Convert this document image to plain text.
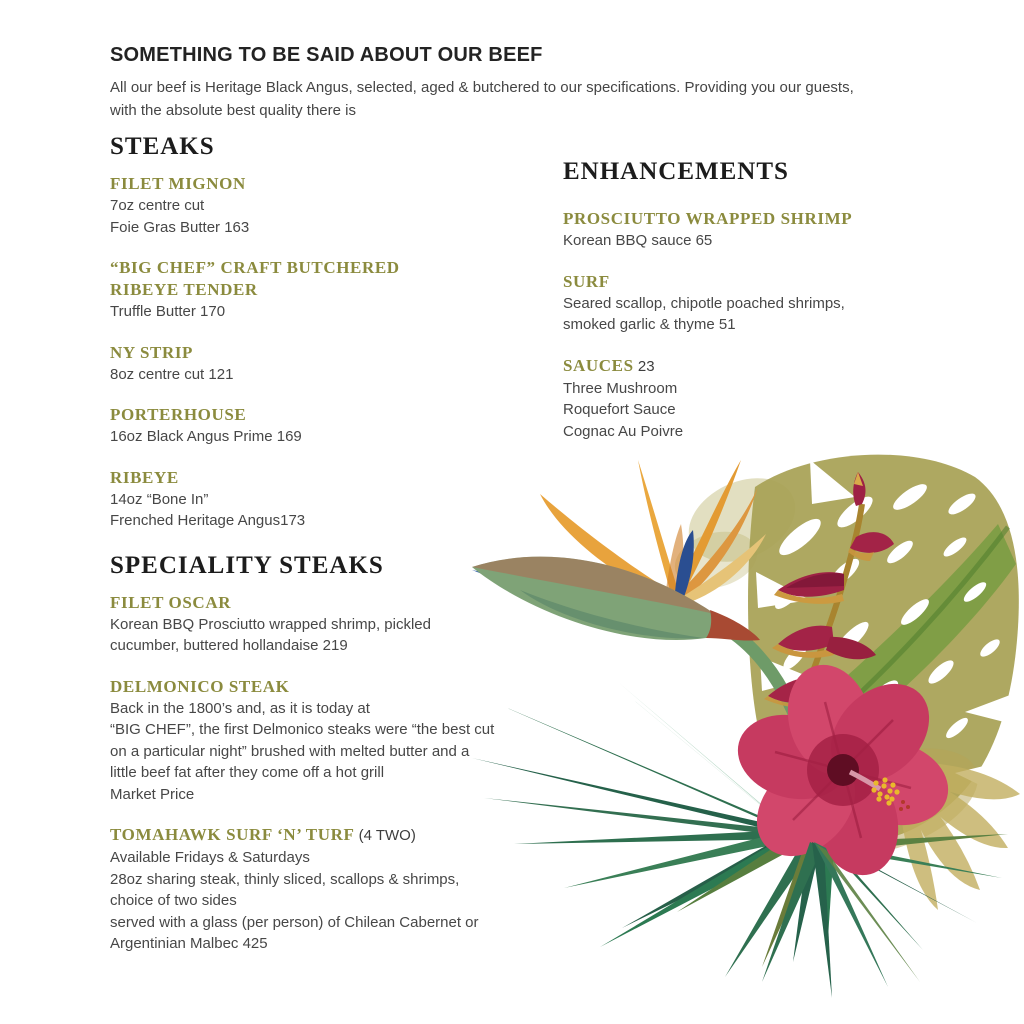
SOMETHING TO BE SAID ABOUT OUR BEEF

All our beef is Heritage Black Angus, selected, aged & butchered to our specifications. Providing you our guests,

with the absolute best quality there is

STEAKS
FILET MIGNON
7oz centre cut
Foie Gras Butter 163
“BIG CHEF” CRAFT BUTCHERED RIBEYE TENDER
Truffle Butter 170
NY STRIP
8oz centre cut 121
PORTERHOUSE
16oz Black Angus Prime 169
RIBEYE
14oz “Bone In”
Frenched Heritage Angus173
SPECIALITY STEAKS
FILET OSCAR
Korean BBQ Prosciutto wrapped shrimp, pickled
cucumber, buttered hollandaise 219
DELMONICO STEAK
Back in the 1800’s and, as it is today at
“BIG CHEF”, the first Delmonico steaks were “the best cut
on a particular night” brushed with melted butter and a
little beef fat after they come off a hot grill
Market Price
TOMAHAWK SURF ‘N’ TURF (4 TWO)
Available Fridays & Saturdays
28oz sharing steak, thinly sliced, scallops & shrimps,
choice of two sides
served with a glass (per person) of Chilean Cabernet or
Argentinian Malbec 425
ENHANCEMENTS
PROSCIUTTO WRAPPED SHRIMP
Korean BBQ sauce 65
SURF
Seared scallop, chipotle poached shrimps,
smoked garlic & thyme 51
SAUCES 23
Three Mushroom
Roquefort Sauce
Cognac Au Poivre
